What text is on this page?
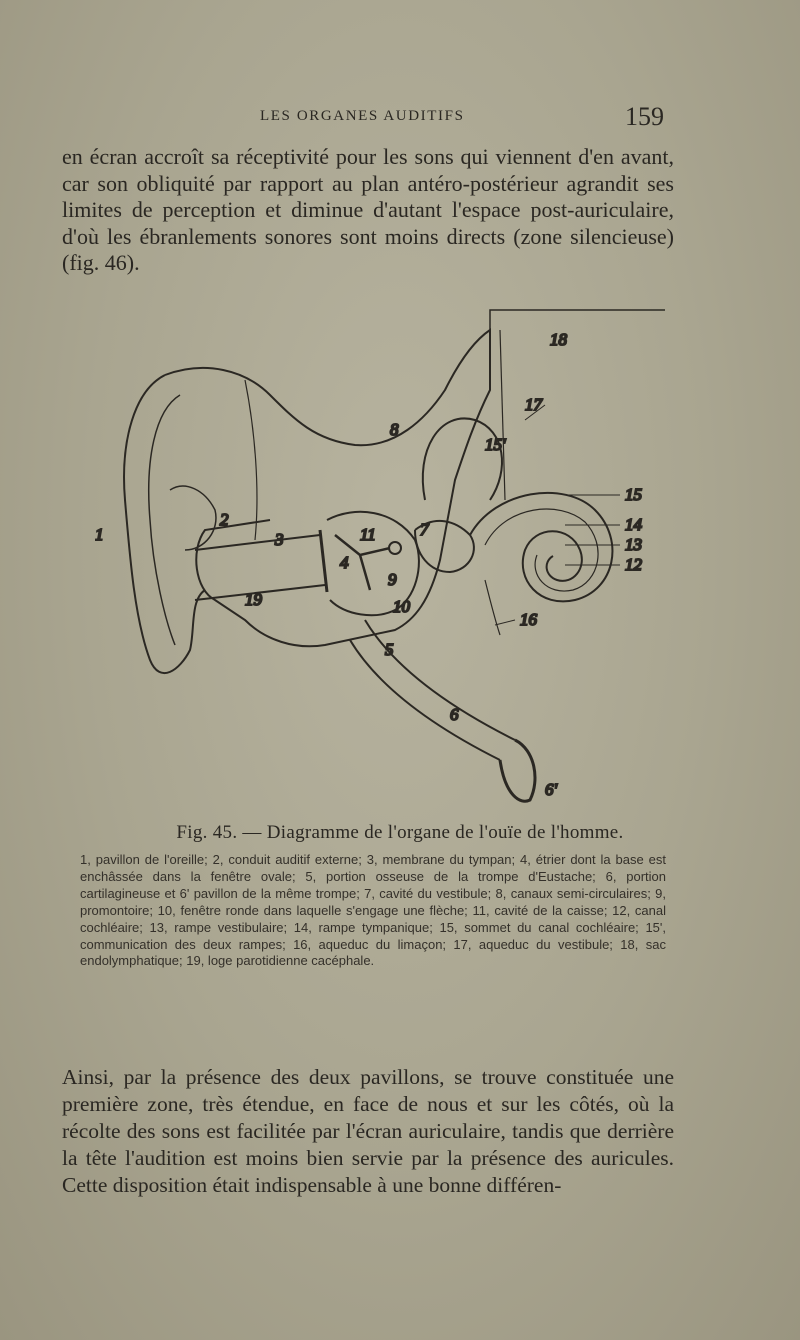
LES ORGANES AUDITIFS	159

en écran accroît sa réceptivité pour les sons qui viennent d'en avant, car son obliquité par rapport au plan antéro-postérieur agrandit ses limites de perception et diminue d'autant l'espace post-auriculaire, d'où les ébranlements sonores sont moins directs (zone silencieuse) (fig. 46).

1
2
3
4
5
6
6'
7
8
9
10
11
12
13
14
15
15'
16
17
18
19
Fig. 45. — Diagramme de l'organe de l'ouïe de l'homme.

1, pavillon de l'oreille; 2, conduit auditif externe; 3, membrane du tympan; 4, étrier dont la base est enchâssée dans la fenêtre ovale; 5, portion osseuse de la trompe d'Eustache; 6, portion cartilagineuse et 6' pavillon de la même trompe; 7, cavité du vestibule; 8, canaux semi-circulaires; 9, promontoire; 10, fenêtre ronde dans laquelle s'engage une flèche; 11, cavité de la caisse; 12, canal cochléaire; 13, rampe vestibulaire; 14, rampe tympanique; 15, sommet du canal cochléaire; 15', communication des deux rampes; 16, aqueduc du limaçon; 17, aqueduc du vestibule; 18, sac endolymphatique; 19, loge parotidienne cacéphale.

Ainsi, par la présence des deux pavillons, se trouve constituée une première zone, très étendue, en face de nous et sur les côtés, où la récolte des sons est facilitée par l'écran auriculaire, tandis que derrière la tête l'audition est moins bien servie par la présence des auricules. Cette disposition était indispensable à une bonne différen-
